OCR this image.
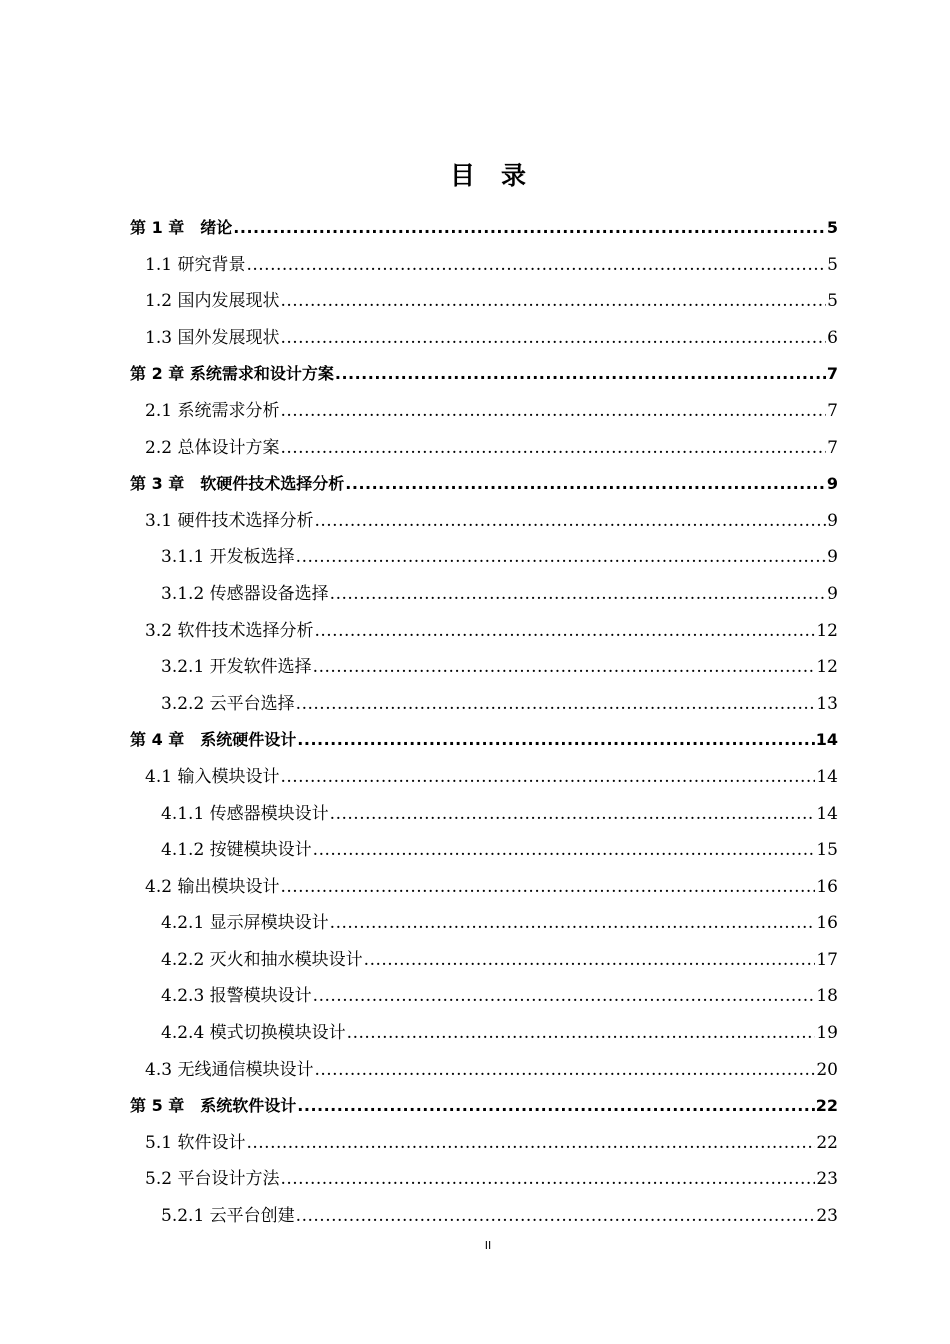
目录
第 1 章　绪论 .....	5
1.1 研究背景 .....	5
1.2 国内发展现状 .....	5
1.3 国外发展现状 .....	6
第 2 章 系统需求和设计方案 .....	7
2.1 系统需求分析 .....	7
2.2 总体设计方案 .....	7
第 3 章　软硬件技术选择分析 .....	9
3.1 硬件技术选择分析 .....	9
3.1.1 开发板选择 .....	9
3.1.2 传感器设备选择 .....	9
3.2 软件技术选择分析 .....	12
3.2.1 开发软件选择 .....	12
3.2.2 云平台选择 .....	13
第 4 章　系统硬件设计 .....	14
4.1 输入模块设计 .....	14
4.1.1 传感器模块设计 .....	14
4.1.2 按键模块设计 .....	15
4.2 输出模块设计 .....	16
4.2.1 显示屏模块设计 .....	16
4.2.2 灭火和抽水模块设计 .....	17
4.2.3 报警模块设计 .....	18
4.2.4 模式切换模块设计 .....	19
4.3 无线通信模块设计 .....	20
第 5 章　系统软件设计 .....	22
5.1 软件设计 .....	22
5.2 平台设计方法 .....	23
5.2.1 云平台创建 .....	23
II
